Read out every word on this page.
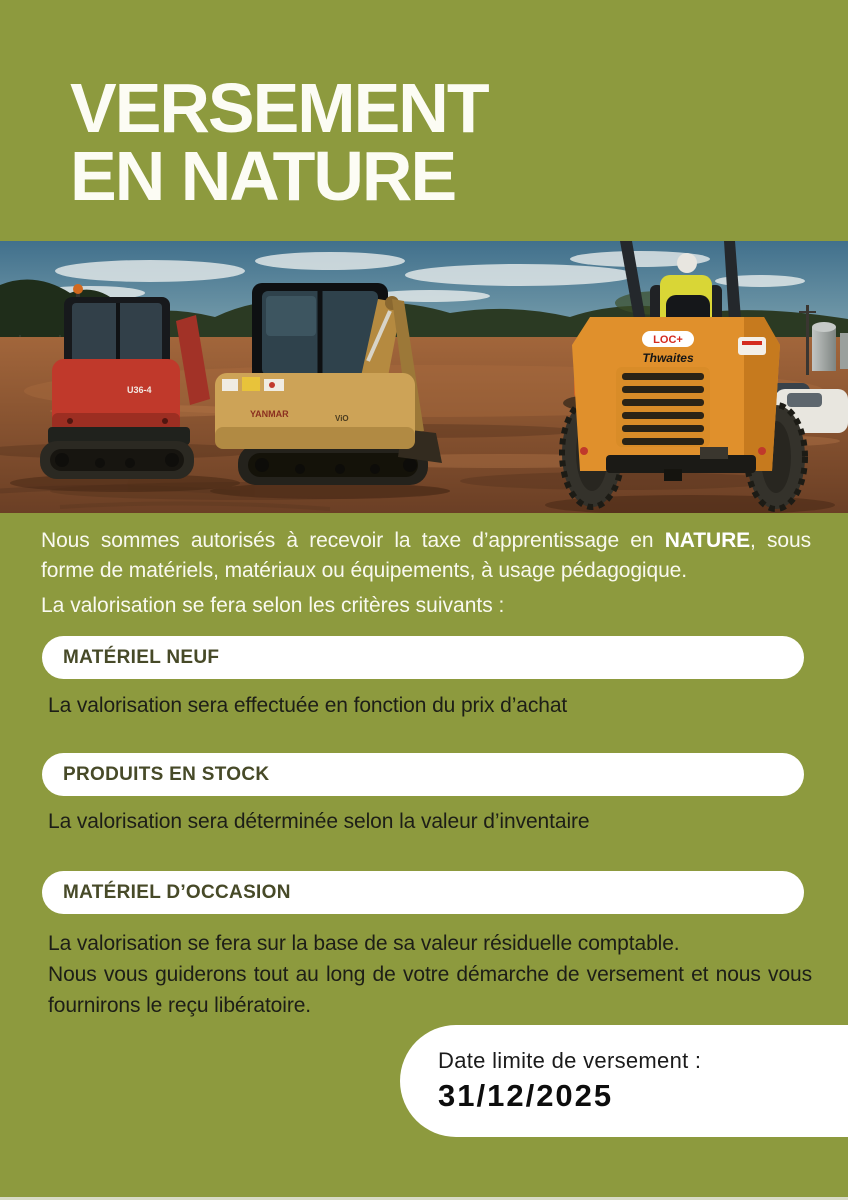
VERSEMENT
EN NATURE
U36-4
YANMAR	ViO
LOC+
Thwaites

Nous sommes autorisés à recevoir la taxe d’apprentissage en NATURE, sous forme de matériels, matériaux ou équipements, à usage pédagogique.

La valorisation se fera selon les critères suivants :

MATÉRIEL NEUF

La valorisation sera effectuée en fonction du prix d’achat

PRODUITS EN STOCK

La valorisation sera déterminée selon la valeur d’inventaire

MATÉRIEL D’OCCASION

La valorisation se fera sur la base de sa valeur résiduelle comptable.

Nous vous guiderons tout au long de votre démarche de versement et nous vous fournirons le reçu libératoire.

Date limite de versement :
31/12/2025
